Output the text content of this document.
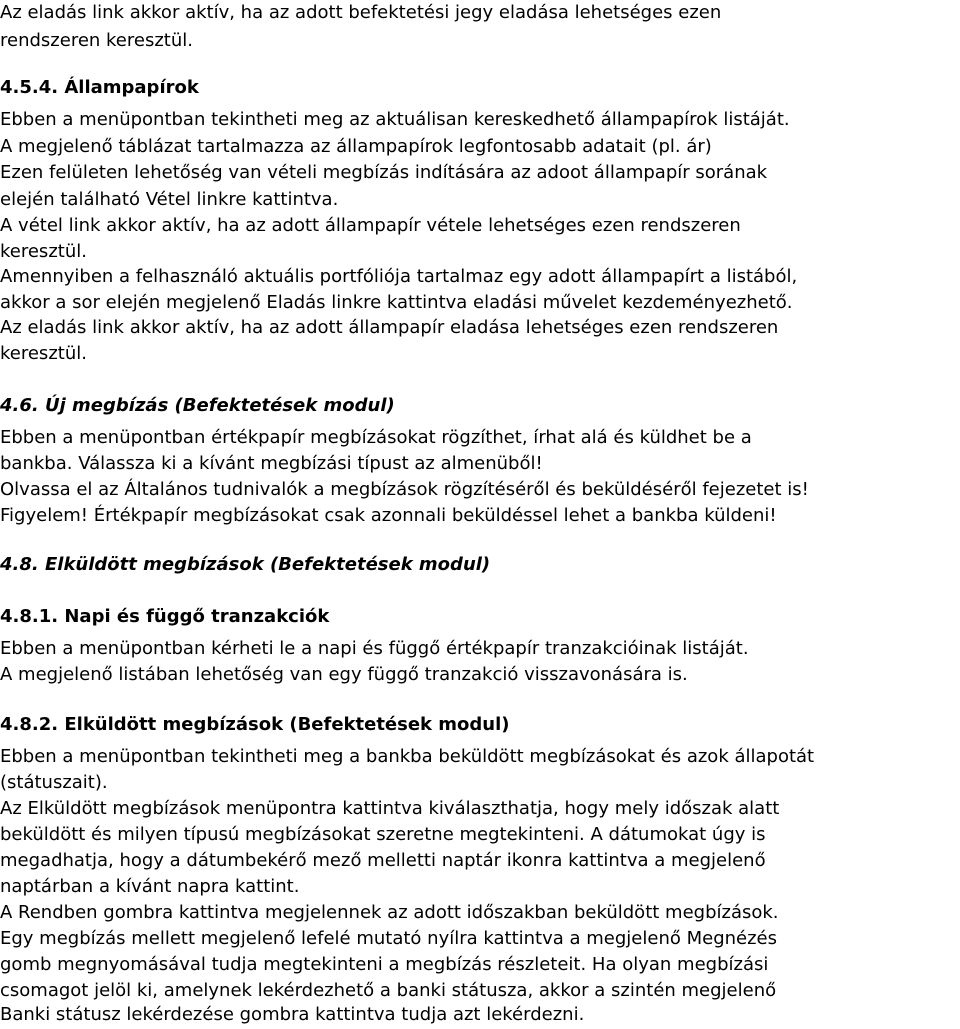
Az eladás link akkor aktív, ha az adott befektetési jegy eladása lehetséges ezen
rendszeren keresztül.
4.5.4. Állampapírok
Ebben a menüpontban tekintheti meg az aktuálisan kereskedhető állampapírok listáját.
A megjelenő táblázat tartalmazza az állampapírok legfontosabb adatait (pl. ár)
Ezen felületen lehetőség van vételi megbízás indítására az adoot állampapír sorának
elején található Vétel linkre kattintva.
A vétel link akkor aktív, ha az adott állampapír vétele lehetséges ezen rendszeren
keresztül.
Amennyiben a felhasználó aktuális portfóliója tartalmaz egy adott állampapírt a listából,
akkor a sor elején megjelenő Eladás linkre kattintva eladási művelet kezdeményezhető.
Az eladás link akkor aktív, ha az adott állampapír eladása lehetséges ezen rendszeren
keresztül.
4.6. Új megbízás (Befektetések modul)
Ebben a menüpontban értékpapír megbízásokat rögzíthet, írhat alá és küldhet be a
bankba. Válassza ki a kívánt megbízási típust az almenüből!
Olvassa el az Általános tudnivalók a megbízások rögzítéséről és beküldéséről fejezetet is!
Figyelem! Értékpapír megbízásokat csak azonnali beküldéssel lehet a bankba küldeni!
4.8. Elküldött megbízások (Befektetések modul)
4.8.1. Napi és függő tranzakciók
Ebben a menüpontban kérheti le a napi és függő értékpapír tranzakcióinak listáját.
A megjelenő listában lehetőség van egy függő tranzakció visszavonására is.
4.8.2. Elküldött megbízások (Befektetések modul)
Ebben a menüpontban tekintheti meg a bankba beküldött megbízásokat és azok állapotát
(státuszait).
Az Elküldött megbízások menüpontra kattintva kiválaszthatja, hogy mely időszak alatt
beküldött és milyen típusú megbízásokat szeretne megtekinteni. A dátumokat úgy is
megadhatja, hogy a dátumbekérő mező melletti naptár ikonra kattintva a megjelenő
naptárban a kívánt napra kattint.
A Rendben gombra kattintva megjelennek az adott időszakban beküldött megbízások.
Egy megbízás mellett megjelenő lefelé mutató nyílra kattintva a megjelenő Megnézés
gomb megnyomásával tudja megtekinteni a megbízás részleteit. Ha olyan megbízási
csomagot jelöl ki, amelynek lekérdezhető a banki státusza, akkor a szintén megjelenő
Banki státusz lekérdezése gombra kattintva tudja azt lekérdezni.
